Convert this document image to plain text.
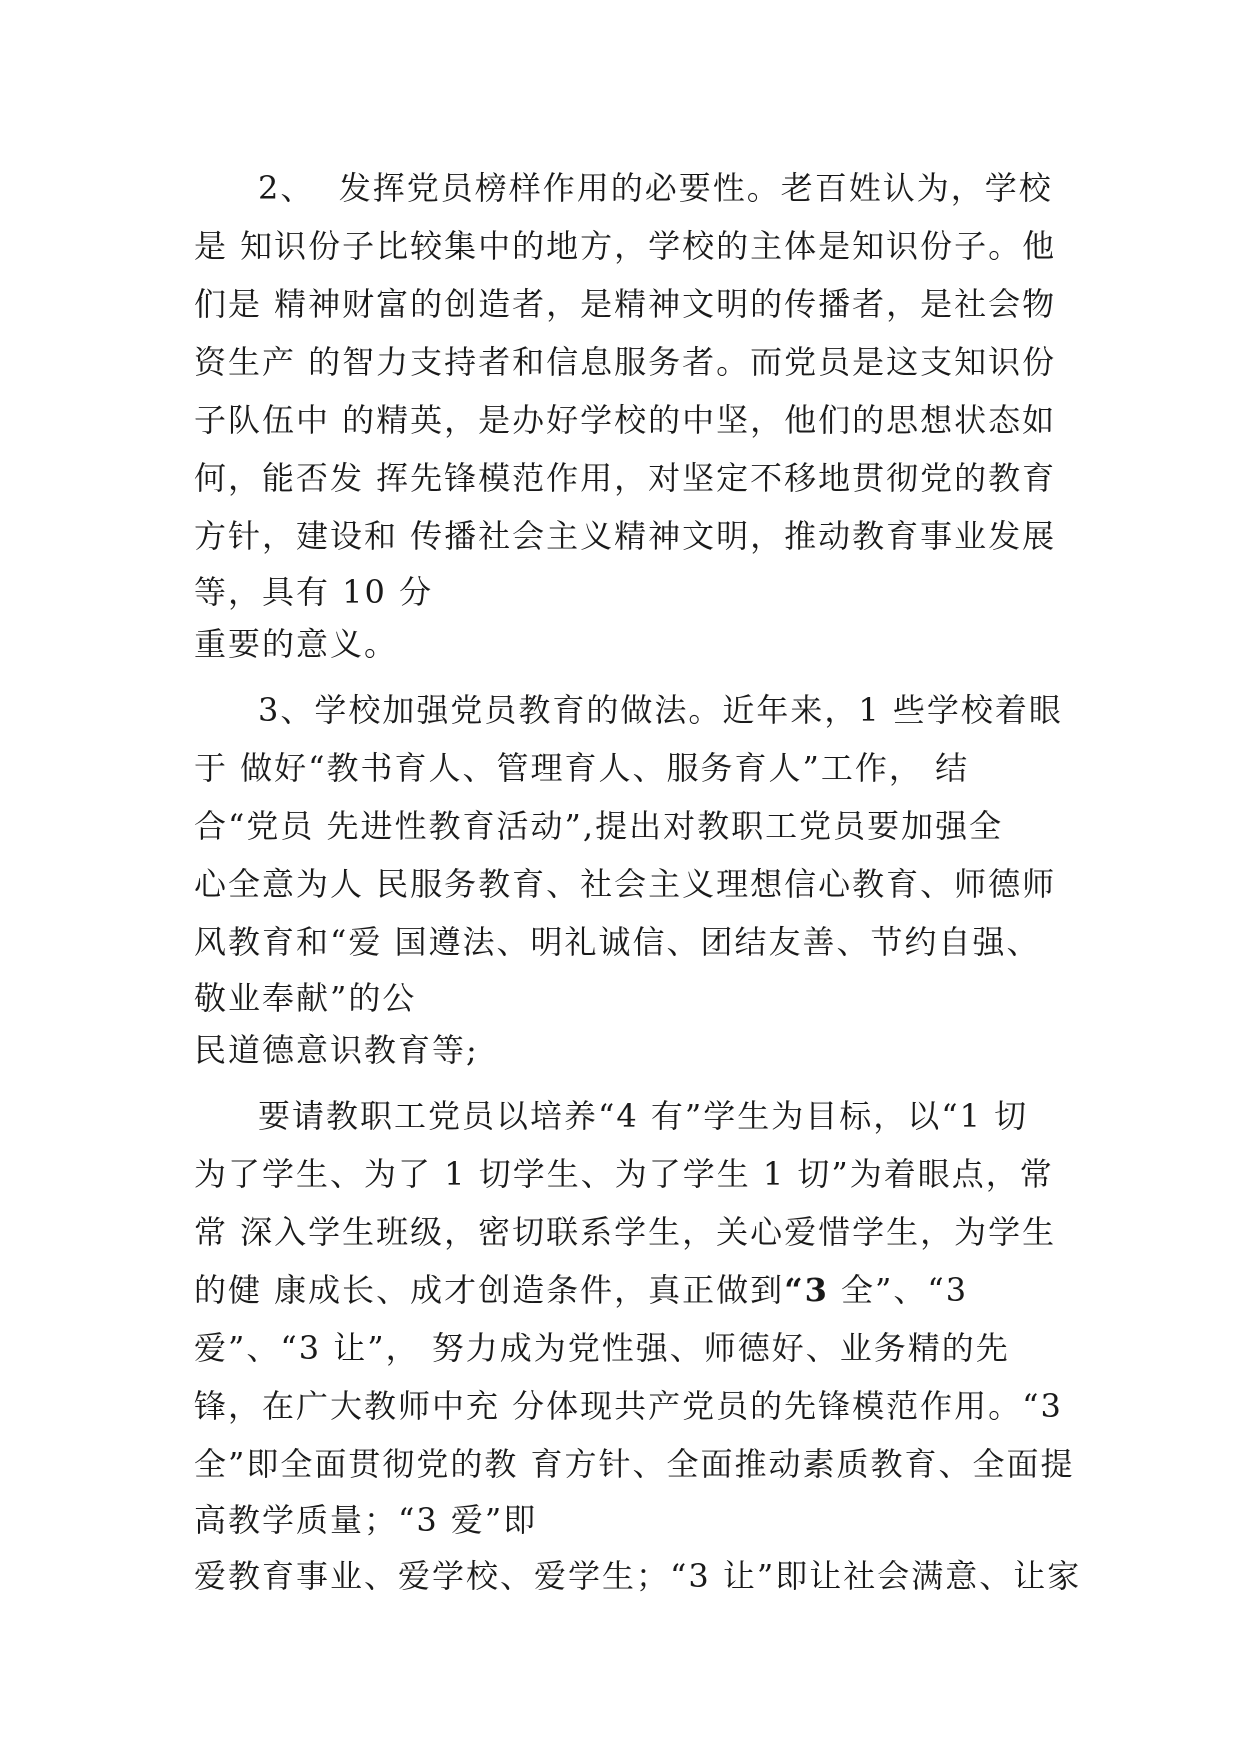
2、  发挥党员榜样作用的必要性。老百姓认为，学校

是 知识份子比较集中的地方，学校的主体是知识份子。他

们是 精神财富的创造者，是精神文明的传播者，是社会物

资生产 的智力支持者和信息服务者。而党员是这支知识份

子队伍中 的精英，是办好学校的中坚，他们的思想状态如

何，能否发 挥先锋模范作用，对坚定不移地贯彻党的教育

方针，建设和 传播社会主义精神文明，推动教育事业发展

等，具有 10 分

重要的意义。

3、学校加强党员教育的做法。近年来，1 些学校着眼

于 做好“教书育人、管理育人、服务育人”工作， 结

合“党员 先进性教育活动”,提出对教职工党员要加强全

心全意为人 民服务教育、社会主义理想信心教育、师德师

风教育和“爱 国遵法、明礼诚信、团结友善、节约自强、

敬业奉献”的公

民道德意识教育等;

要请教职工党员以培养“4 有”学生为目标，以“1 切

为了学生、为了 1 切学生、为了学生 1 切”为着眼点，常

常 深入学生班级，密切联系学生，关心爱惜学生，为学生

的健 康成长、成才创造条件，真正做到“3 全”、“3

爱”、“3 让”， 努力成为党性强、师德好、业务精的先

锋，在广大教师中充 分体现共产党员的先锋模范作用。“3

全”即全面贯彻党的教 育方针、全面推动素质教育、全面提

高教学质量；“3 爱”即

爱教育事业、爱学校、爱学生；“3 让”即让社会满意、让家
